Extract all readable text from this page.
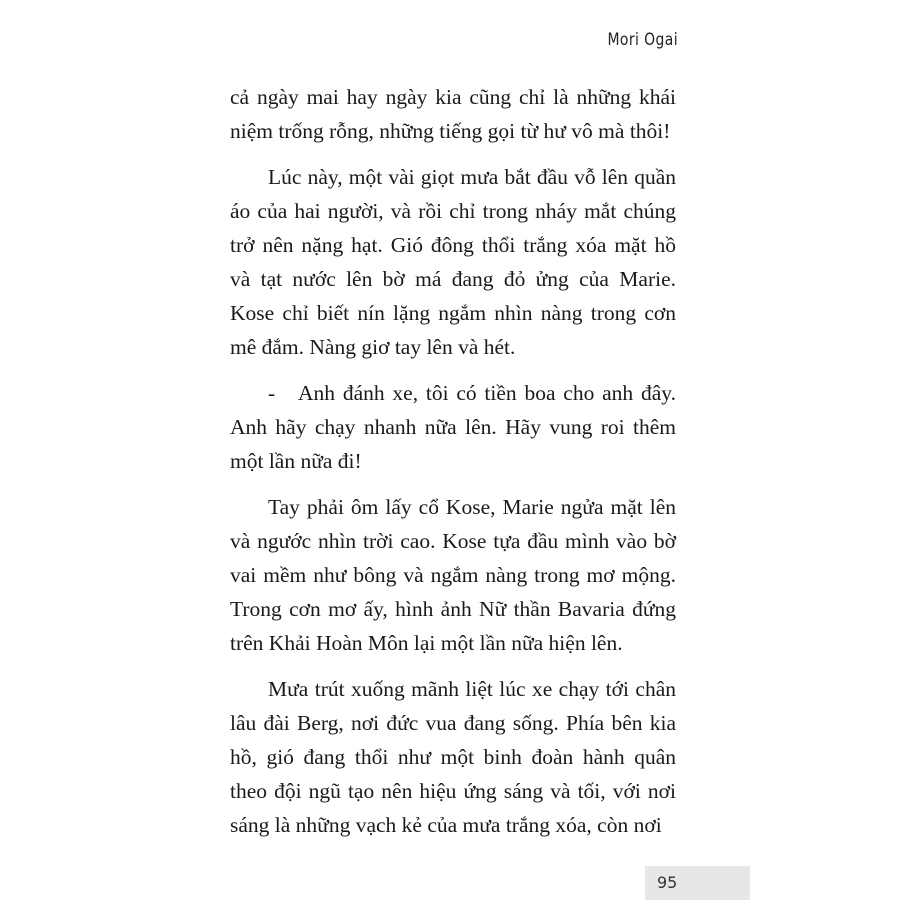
Mori Ogai

cả ngày mai hay ngày kia cũng chỉ là những khái niệm trống rỗng, những tiếng gọi từ hư vô mà thôi!

Lúc này, một vài giọt mưa bắt đầu vỗ lên quần áo của hai người, và rồi chỉ trong nháy mắt chúng trở nên nặng hạt. Gió đông thổi trắng xóa mặt hồ và tạt nước lên bờ má đang đỏ ửng của Marie. Kose chỉ biết nín lặng ngắm nhìn nàng trong cơn mê đắm. Nàng giơ tay lên và hét.

- Anh đánh xe, tôi có tiền boa cho anh đây. Anh hãy chạy nhanh nữa lên. Hãy vung roi thêm một lần nữa đi!

Tay phải ôm lấy cổ Kose, Marie ngửa mặt lên và ngước nhìn trời cao. Kose tựa đầu mình vào bờ vai mềm như bông và ngắm nàng trong mơ mộng. Trong cơn mơ ấy, hình ảnh Nữ thần Bavaria đứng trên Khải Hoàn Môn lại một lần nữa hiện lên.

Mưa trút xuống mãnh liệt lúc xe chạy tới chân lâu đài Berg, nơi đức vua đang sống. Phía bên kia hồ, gió đang thổi như một binh đoàn hành quân theo đội ngũ tạo nên hiệu ứng sáng và tối, với nơi sáng là những vạch kẻ của mưa trắng xóa, còn nơi

95
